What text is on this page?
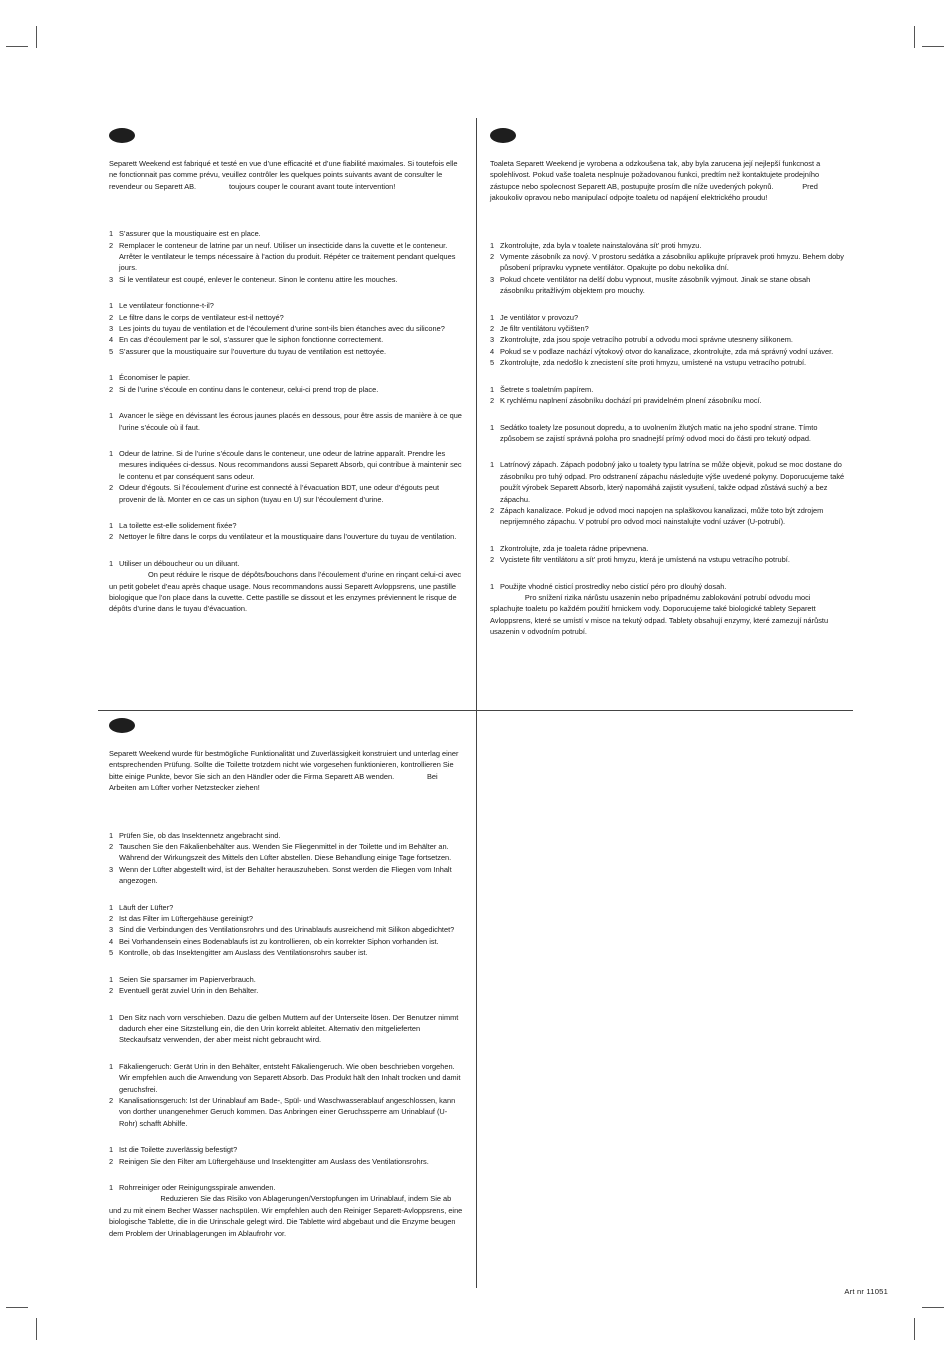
Separett Weekend est fabriqué et testé en vue d’une efficacité et d’une fiabilité maximales. Si toutefois elle ne fonctionnait pas comme prévu, veuillez contrôler les quelques points suivants avant de consulter le revendeur ou Separett AB.                toujours couper le courant avant toute intervention!

1 S’assurer que la moustiquaire est en place.
2 Remplacer le conteneur de latrine par un neuf. Utiliser un insecticide dans la cuvette et le conteneur. Arrêter le ventilateur le temps nécessaire à l’action du produit. Répéter ce traitement pendant quelques jours.
3 Si le ventilateur est coupé, enlever le conteneur. Sinon le contenu attire les mouches.
1 Le ventilateur fonctionne-t-il?
2 Le filtre dans le corps de ventilateur est-il nettoyé?
3 Les joints du tuyau de ventilation et de l’écoulement d’urine sont-ils bien étanches avec du silicone?
4 En cas d’écoulement par le sol, s’assurer que le siphon fonctionne correctement.
5 S’assurer que la moustiquaire sur l’ouverture du tuyau de ventilation est nettoyée.
1 Économiser le papier.
2 Si de l’urine s’écoule en continu dans le conteneur, celui-ci prend trop de place.
1 Avancer le siège en dévissant les écrous jaunes placés en dessous, pour être assis de manière à ce que l’urine s’écoule où il faut.
1 Odeur de latrine. Si de l’urine s’écoule dans le conteneur, une odeur de latrine apparaît. Prendre les mesures indiquées ci-dessus. Nous recommandons aussi Separett Absorb, qui contribue à maintenir sec le contenu et par conséquent sans odeur.
2 Odeur d’égouts. Si l’écoulement d’urine est connecté à l’évacuation BDT, une odeur d’égouts peut provenir de là. Monter en ce cas un siphon (tuyau en U) sur l’écoulement d’urine.
1 La toilette est-elle solidement fixée?
2 Nettoyer le filtre dans le corps du ventilateur et la moustiquaire dans l’ouverture du tuyau de ventilation.
1 Utiliser un déboucheur ou un diluant.
On peut réduire le risque de dépôts/bouchons dans l’écoulement d’urine en rinçant celui-ci avec un petit gobelet d’eau après chaque usage. Nous recommandons aussi Separett Avloppsrens, une pastille biologique que l’on place dans la cuvette. Cette pastille se dissout et les enzymes préviennent le risque de dépôts d’urine dans le tuyau d’évacuation.

Toaleta Separett Weekend je vyrobena a odzkoušena tak, aby byla zarucena její nejlepší funkcnost a spolehlivost. Pokud vaše toaleta nesplnuje požadovanou funkci, predtím než kontaktujete prodejního zástupce nebo spolecnost Separett AB, postupujte prosím dle níže uvedených pokynů.              Pred jakoukoliv opravou nebo manipulací odpojte toaletu od napájení elektrického proudu!

1 Zkontrolujte, zda byla v toalete nainstalována sít’ proti hmyzu.
2 Vymente zásobník za nový. V prostoru sedátka a zásobníku aplikujte prípravek proti hmyzu. Behem doby působení prípravku vypnete ventilátor. Opakujte po dobu nekolika dní.
3 Pokud chcete ventilátor na delší dobu vypnout, musíte zásobník vyjmout. Jinak se stane obsah zásobníku pritažlivým objektem pro mouchy.
1 Je ventilátor v provozu?
2 Je filtr ventilátoru vyčišten?
3 Zkontrolujte, zda jsou spoje vetracího potrubí a odvodu moci správne utesneny silikonem.
4 Pokud se v podlaze nachází výtokový otvor do kanalizace, zkontrolujte, zda má správný vodní uzáver.
5 Zkontrolujte, zda nedošlo k znecistení síte proti hmyzu, umístené na vstupu vetracího potrubí.
1 Šetrete s toaletním papírem.
2 K rychlému naplnení zásobníku dochází pri pravidelném plnení zásobníku mocí.
1 Sedátko toalety lze posunout dopredu, a to uvolnením žlutých matic na jeho spodní strane. Tímto způsobem se zajistí správná poloha pro snadnejší prímý odvod moci do části pro tekutý odpad.
1 Latrínový zápach. Zápach podobný jako u toalety typu latrína se může objevit, pokud se moc dostane do zásobníku pro tuhý odpad. Pro odstranení zápachu následujte výše uvedené pokyny. Doporucujeme také použít výrobek Separett Absorb, který napomáhá zajistit vysušení, takže odpad zůstává suchý a bez zápachu.
2 Zápach kanalizace. Pokud je odvod moci napojen na splaškovou kanalizaci, může toto být zdrojem neprijemného zápachu. V potrubí pro odvod moci nainstalujte vodní uzáver (U-potrubí).
1 Zkontrolujte, zda je toaleta rádne pripevnena.
2 Vycistete filtr ventilátoru a sít’ proti hmyzu, která je umístená na vstupu vetracího potrubí.
1 Použijte vhodné cisticí prostredky nebo cisticí péro pro dlouhý dosah.
Pro snížení rizika nárůstu usazenin nebo prípadnému zablokování potrubí odvodu moci splachujte toaletu po každém použití hrnickem vody. Doporucujeme také biologické tablety Separett Avloppsrens, které se umístí v misce na tekutý odpad. Tablety obsahují enzymy, které zamezují nárůstu usazenin v odvodním potrubí.

Separett Weekend wurde für bestmögliche Funktionalität und Zuverlässigkeit konstruiert und unterlag einer entsprechenden Prüfung. Sollte die Toilette trotzdem nicht wie vorgesehen funktionieren, kontrollieren Sie bitte einige Punkte, bevor Sie sich an den Händler oder die Firma Separett AB wenden.                Bei Arbeiten am Lüfter vorher Netzstecker ziehen!

1 Prüfen Sie, ob das Insektennetz angebracht sind.
2 Tauschen Sie den Fäkalienbehälter aus. Wenden Sie Fliegenmittel in der Toilette und im Behälter an. Während der Wirkungszeit des Mittels den Lüfter abstellen. Diese Behandlung einige Tage fortsetzen.
3 Wenn der Lüfter abgestellt wird, ist der Behälter herauszuheben. Sonst werden die Fliegen vom Inhalt angezogen.
1 Läuft der Lüfter?
2 Ist das Filter im Lüftergehäuse gereinigt?
3 Sind die Verbindungen des Ventilationsrohrs und des Urinablaufs ausreichend mit Silikon abgedichtet?
4 Bei Vorhandensein eines Bodenablaufs ist zu kontrollieren, ob ein korrekter Siphon vorhanden ist.
5 Kontrolle, ob das Insektengitter am Auslass des Ventilationsrohrs sauber ist.
1 Seien Sie sparsamer im Papierverbrauch.
2 Eventuell gerät zuviel Urin in den Behälter.
1 Den Sitz nach vorn verschieben. Dazu die gelben Muttern auf der Unterseite lösen. Der Benutzer nimmt dadurch eher eine Sitzstellung ein, die den Urin korrekt ableitet. Alternativ den mitgelieferten Steckaufsatz verwenden, der aber meist nicht gebraucht wird.
1 Fäkaliengeruch: Gerät Urin in den Behälter, entsteht Fäkaliengeruch. Wie oben beschrieben vorgehen. Wir empfehlen auch die Anwendung von Separett Absorb. Das Produkt hält den Inhalt trocken und damit geruchsfrei.
2 Kanalisationsgeruch: Ist der Urinablauf am Bade-, Spül- und Waschwasserablauf angeschlossen, kann von dorther unangenehmer Geruch kommen. Das Anbringen einer Geruchssperre am Urinablauf (U-Rohr) schafft Abhilfe.
1 Ist die Toilette zuverlässig befestigt?
2 Reinigen Sie den Filter am Lüftergehäuse und Insektengitter am Auslass des Ventilationsrohrs.
1 Rohrreiniger oder Reinigungsspirale anwenden.
Reduzieren Sie das Risiko von Ablagerungen/Verstopfungen im Urinablauf, indem Sie ab und zu mit einem Becher Wasser nachspülen. Wir empfehlen auch den Reiniger Separett-Avloppsrens, eine biologische Tablette, die in die Urinschale gelegt wird. Die Tablette wird abgebaut und die Enzyme beugen dem Problem der Urinablagerungen im Ablaufrohr vor.
Art nr 11051
